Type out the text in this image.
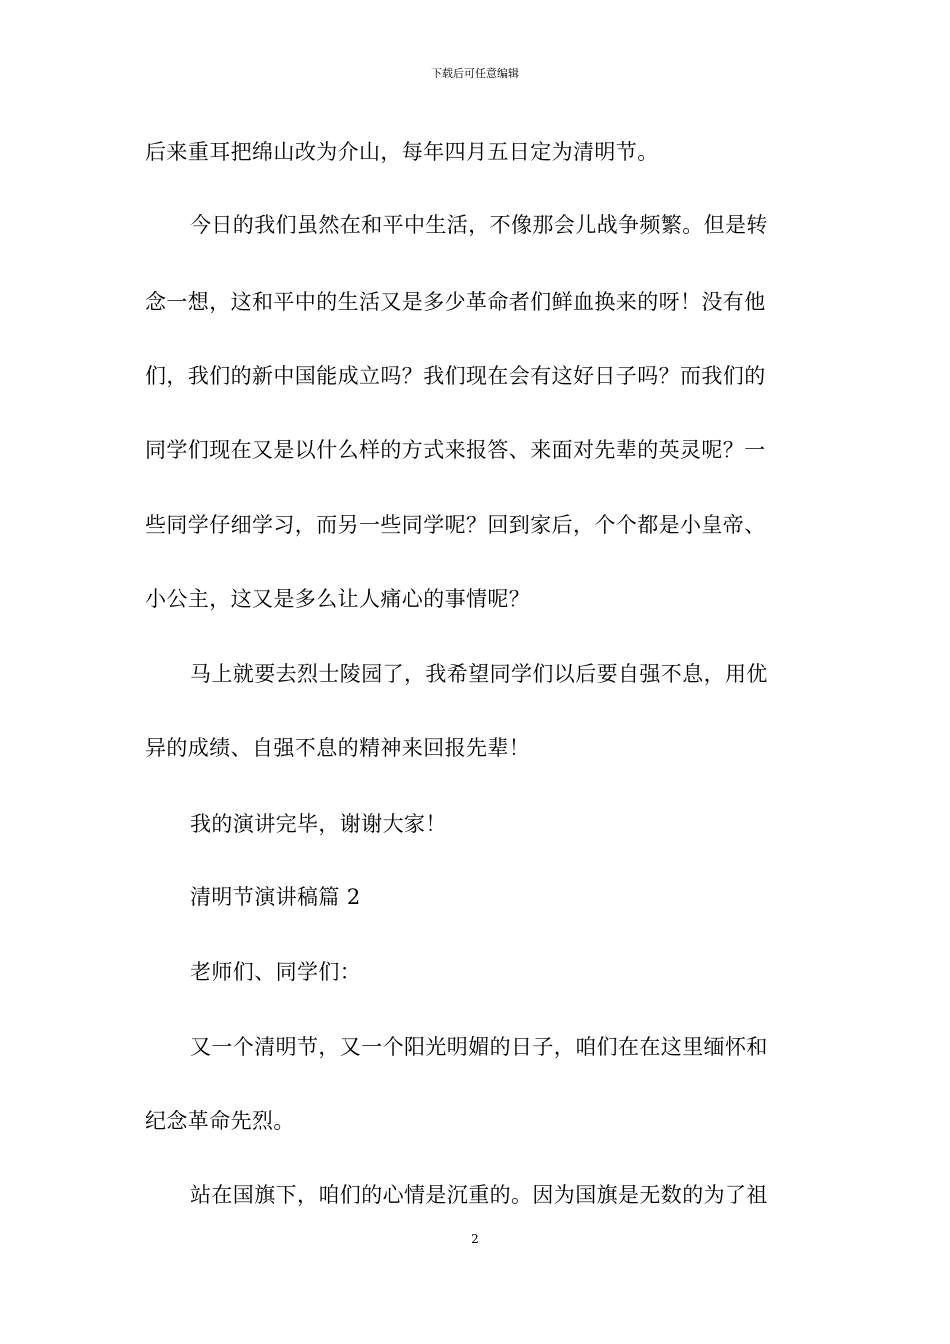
下载后可任意编辑
后来重耳把绵山改为介山，每年四月五日定为清明节。
今日的我们虽然在和平中生活，不像那会儿战争频繁。但是转
念一想，这和平中的生活又是多少革命者们鲜血换来的呀！没有他
们，我们的新中国能成立吗？我们现在会有这好日子吗？而我们的
同学们现在又是以什么样的方式来报答、来面对先辈的英灵呢？一
些同学仔细学习，而另一些同学呢？回到家后，个个都是小皇帝、
小公主，这又是多么让人痛心的事情呢？
马上就要去烈士陵园了，我希望同学们以后要自强不息，用优
异的成绩、自强不息的精神来回报先辈！
我的演讲完毕，谢谢大家！
清明节演讲稿篇 2
老师们、同学们：
又一个清明节，又一个阳光明媚的日子，咱们在在这里缅怀和
纪念革命先烈。
站在国旗下，咱们的心情是沉重的。因为国旗是无数的为了祖
2
